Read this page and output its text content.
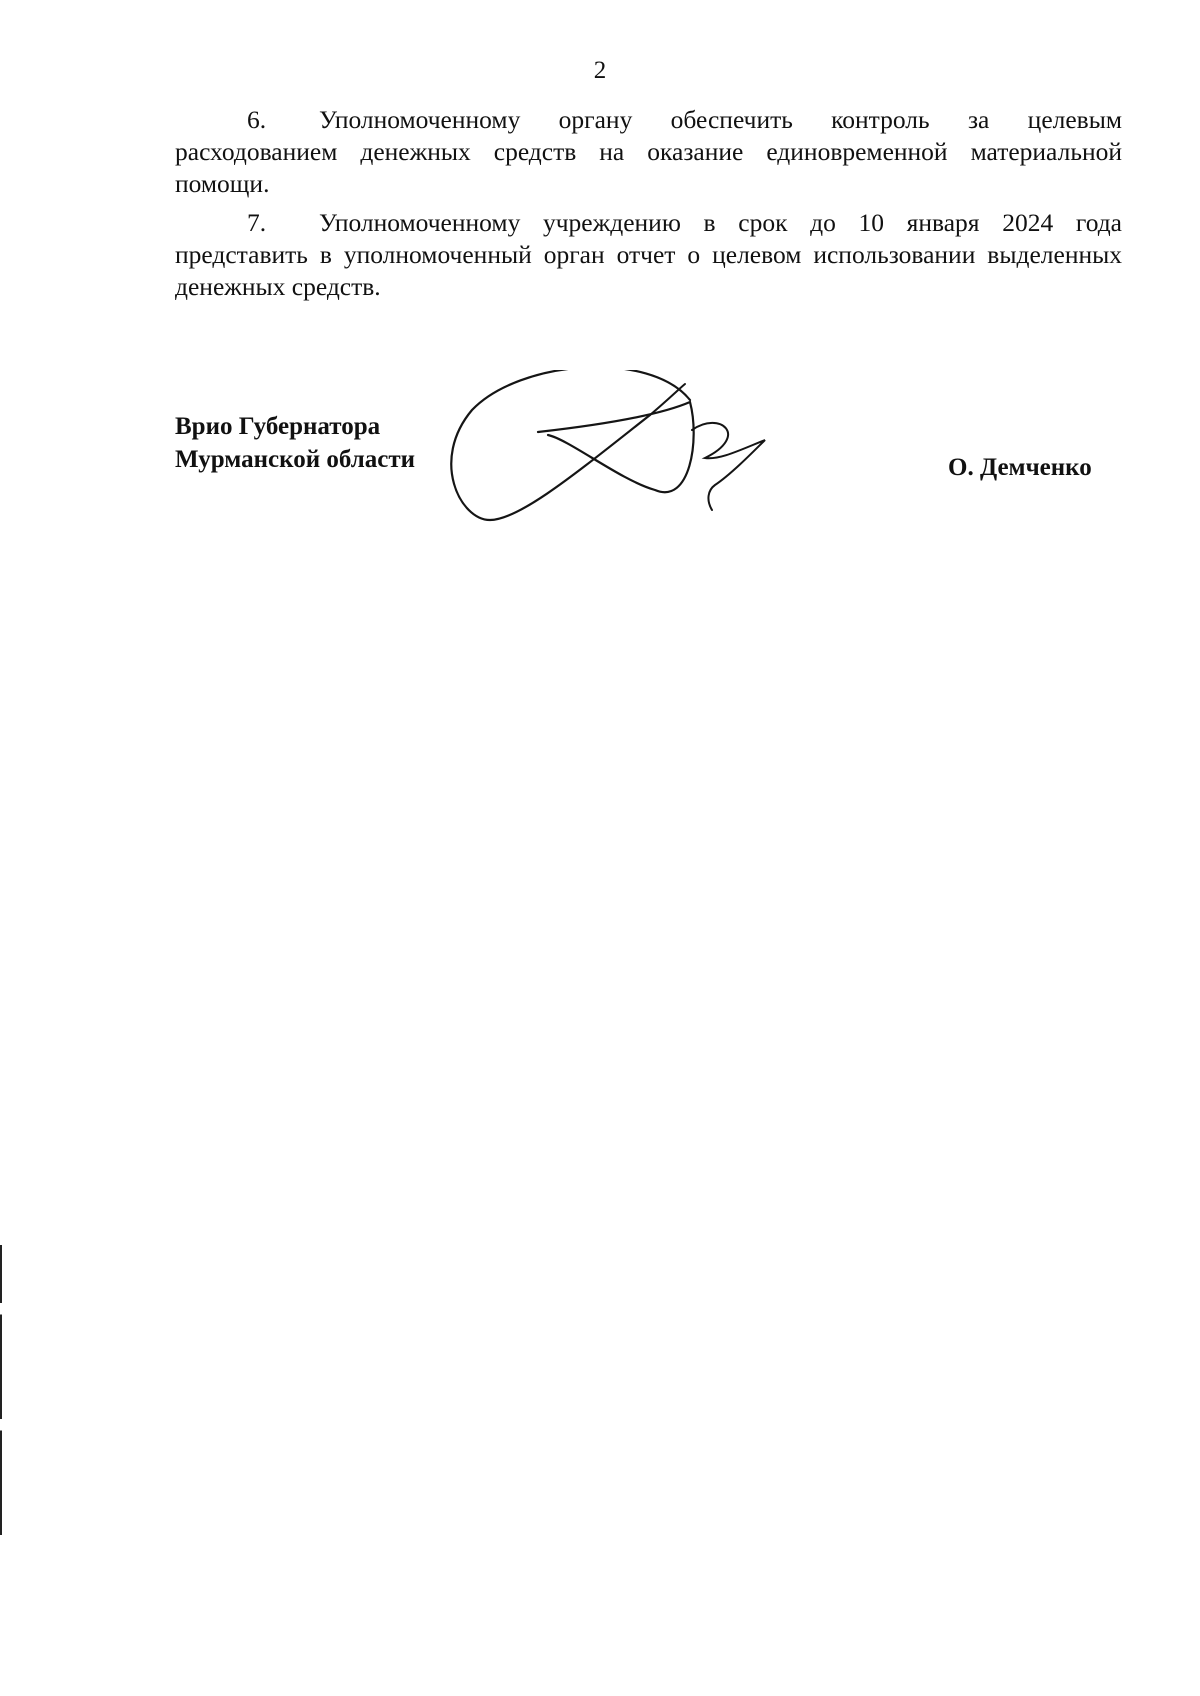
2

6. Уполномоченному органу обеспечить контроль за целевым расходованием денежных средств на оказание единовременной материальной помощи.

7. Уполномоченному учреждению в срок до 10 января 2024 года представить в уполномоченный орган отчет о целевом использовании выделенных денежных средств.

Врио Губернатора
Мурманской области	О. Демченко
